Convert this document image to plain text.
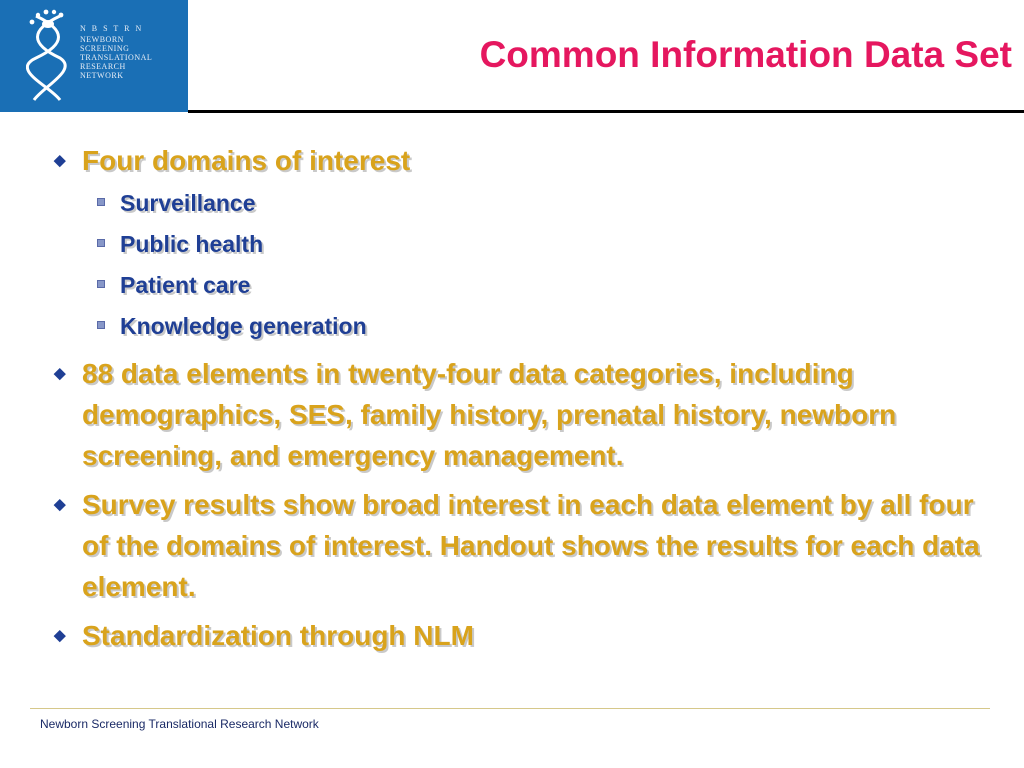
N B S T R N
NEWBORN
SCREENING
TRANSLATIONAL
RESEARCH
NETWORK
Common Information Data Set
◆ Four domains of interest
Surveillance
Public health
Patient care
Knowledge generation
◆ 88 data elements in twenty-four data categories, including demographics, SES, family history, prenatal history, newborn screening, and emergency management.
◆ Survey results show broad interest in each data element by all four of the domains of interest. Handout shows the results for each data element.
◆ Standardization through NLM
Newborn Screening Translational Research Network
